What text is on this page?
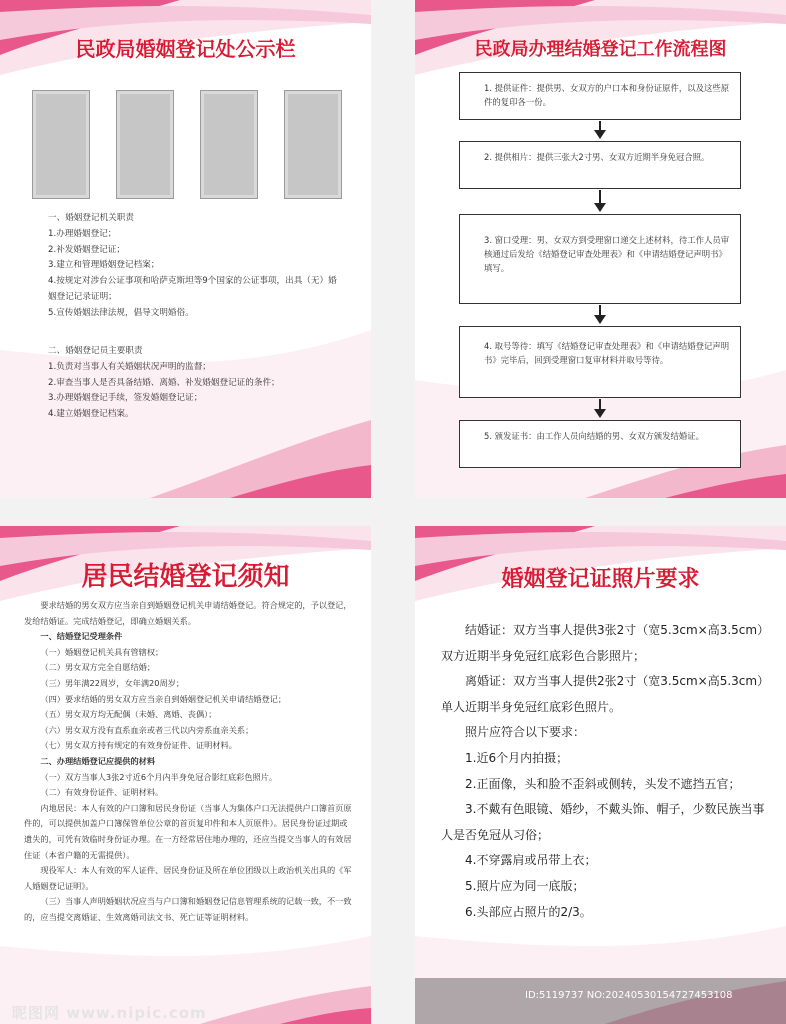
民政局婚姻登记处公示栏
一、婚姻登记机关职责
1.办理婚姻登记；
2.补发婚姻登记证；
3.建立和管理婚姻登记档案；
4.按规定对涉台公证事项和哈萨克斯坦等9个国家的公证事项，出具（无）婚姻登记记录证明；
5.宣传婚姻法律法规，倡导文明婚俗。
二、婚姻登记员主要职责
1.负责对当事人有关婚姻状况声明的监督；
2.审查当事人是否具备结婚、离婚、补发婚姻登记证的条件；
3.办理婚姻登记手续，签发婚姻登记证；
4.建立婚姻登记档案。
民政局办理结婚登记工作流程图
1. 提供证件：提供男、女双方的户口本和身份证原件，以及这些原件的复印各一份。
2. 提供相片：提供三张大2寸男、女双方近期半身免冠合照。
3. 窗口受理：男、女双方到受理窗口递交上述材料，待工作人员审核通过后发给《结婚登记审查处理表》和《申请结婚登记声明书》填写。
4. 取号等待：填写《结婚登记审查处理表》和《申请结婚登记声明书》完毕后，回到受理窗口复审材料并取号等待。
5. 颁发证书：由工作人员向结婚的男、女双方颁发结婚证。
居民结婚登记须知
要求结婚的男女双方应当亲自到婚姻登记机关申请结婚登记。符合规定的，予以登记，发给结婚证。完成结婚登记，即确立婚姻关系。
一、结婚登记受理条件
（一）婚姻登记机关具有管辖权；
（二）男女双方完全自愿结婚；
（三）男年满22周岁，女年满20周岁；
（四）要求结婚的男女双方应当亲自到婚姻登记机关申请结婚登记；
（五）男女双方均无配偶（未婚、离婚、丧偶）；
（六）男女双方没有直系血亲或者三代以内旁系血亲关系；
（七）男女双方持有规定的有效身份证件、证明材料。
二、办理结婚登记应提供的材料
（一）双方当事人3张2寸近6个月内半身免冠合影红底彩色照片。
（二）有效身份证件、证明材料。
内地居民：本人有效的户口簿和居民身份证（当事人为集体户口无法提供户口簿首页原件的，可以提供加盖户口簿保管单位公章的首页复印件和本人页原件）。居民身份证过期或遗失的，可凭有效临时身份证办理。在一方经常居住地办理的，还应当提交当事人的有效居住证（本省户籍的无需提供）。
现役军人：本人有效的军人证件、居民身份证及所在单位团级以上政治机关出具的《军人婚姻登记证明》。
（三）当事人声明婚姻状况应当与户口簿和婚姻登记信息管理系统的记载一致，不一致的，应当提交离婚证、生效离婚司法文书、死亡证等证明材料。
婚姻登记证照片要求
结婚证：双方当事人提供3张2寸（宽5.3cm×高3.5cm）双方近期半身免冠红底彩色合影照片；
离婚证：双方当事人提供2张2寸（宽3.5cm×高5.3cm）单人近期半身免冠红底彩色照片。
照片应符合以下要求：
1.近6个月内拍摄；
2.正面像，头和脸不歪斜或侧转，头发不遮挡五官；
3.不戴有色眼镜、婚纱，不戴头饰、帽子，少数民族当事人是否免冠从习俗；
4.不穿露肩或吊带上衣；
5.照片应为同一底版；
6.头部应占照片的2/3。
昵图网 www.nipic.com
ID:5119737 NO:20240530154727453108
